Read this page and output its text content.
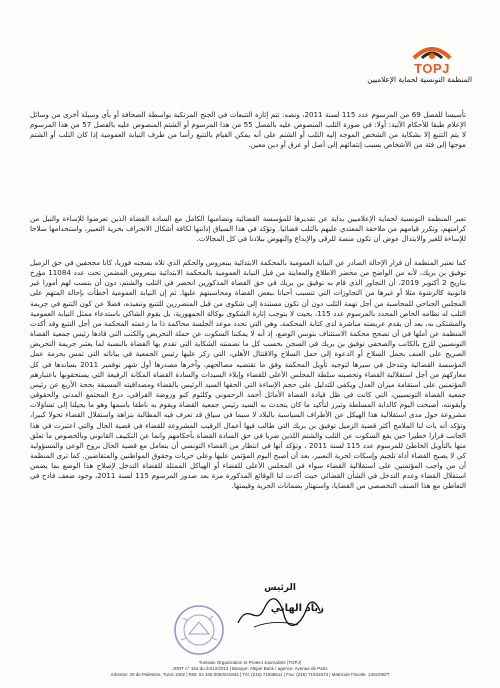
TOPJ
المنظمة التونسية لحماية الإعلاميين
تأسيسا للفصل 69 من المرسوم عدد 115 لسنة 2011، ونصه: تتم إثارة التتبعات في الجنح المرتكبة بواسطة الصحافة أو بأي وسيلة أخرى من وسائل الإعلام طبقا للأحكام الآتية: أولا: في صورة الثلب المنصوص عليه بالفصل 55 من هذا المرسوم أو الشتم المنصوص عليه بالفصل 57 من هذا المرسوم لا يتم التتبع إلا بشكاية من الشخص الموجه إليه الثلب أو الشتم على أنه يمكن القيام بالتتبع رأسا من طرف النيابة العمومية إذا كان الثلب أو الشتم موجها إلى فئة من الأشخاص بسبب إنتمائهم إلى أصل أو عرق أو دين معين.
تعبر المنظمة التونسية لحماية الإعلاميين بداية عن تقديرها للمؤسسة القضائية وتضامنها الكامل مع السادة القضاة الذين تعرضوا للإساءة والنيل من كرامتهم، وتكرر قيامهم من ملاحقة المعتدي عليهم بالثلب قضائيا. وتؤكد في هذا السياق إدانتها لكافة أشكال الانحراف بحرية التعبير، واستخدامها سلاحا للإساءة للغير والابتذال عوض أن تكون منصة للرقي والإبداع والنهوض ببلادنا في كل المجالات.
كما تعتبر المنظمة أن قرار الإحالة الصادر عن النيابة العمومية بالمحكمة الابتدائية ببنعروس والحكم الذي تلاه بسجنه فوريا، كانا مجحفين في حق الزميل توفيق بن بريك، لأنه من الواضح من محضر الاطلاع والمعاينة من قبل النيابة العمومية بالمحكمة الابتدائية ببنعروس المضمن تحت عدد 11084 مؤرخ بتاريخ 2 أكتوبر 2019، أن التجاوز الذي قام به توفيق بن بريك في حق القضاة المذكورين انحصر في الثلب والشتم، دون أن ينسب لهم أمورا غير قانونية كالرشوة مثلا أو غيرها من التجاوزات التي تتسبب أحيانا ببعض القضاة ومحاسبتهم عليها. ثم إن النيابة العمومية أخطأت بإحالة المتهم على المجلس الجناحي للمحاسبة من أجل تهمة الثلب دون أن تكون مستندة إلى شكوى من قبل المتضررين للتتبع وتنفيذه، فضلا عن كون التتبع في جريمة الثلب له نظامه الخاص المحدد بالمرسوم عدد 115، بحيث لا يتوجب إثارة الشكوى بوكالة الجمهورية، بل يقوم الشاكي باستدعاء ممثل النيابة العمومية والمشتكى به، بعد أن يقدم عريضته مباشرة لدى كتابة المحكمة، وهي التي تحدد موعد الجلسة محاكمة ذا ما زعمته المحكمة من أجل التتبع وقد أكدت المنظمة عن أملها في أن تصحح محكمة الاستئناف بتونس الوضع، إذ أنه لا يمكننا السكوت عن حملة التحريض والكتب التي قادها رئيس جمعية القضاة التونسيين للزج بالكاتب والصحفي توفيق بن بريك في السجن بحسب كل ما تضمنته الشكاية التي تقدم بها القضاة بالنسبة لما يعتبر جريمة التحريض الصريح على العنف بحمل السلاح أو الدعوة إلى حمل السلاح والاقتتال الأهلي، التي ركز عليها رئيس الجمعية في بياناته التي تمس بحرمة عمل المؤسسة القضائية وتتدخل في سيرها لتوجيه تأويل المحكمة وفق ما تقتضيه مصالحهم، وآخرها مصدرها أول شهر نوفمبر 2011 بساندها في كل معاركهم من أجل استقلالية القضاء وتحصينه سلطة المجلس الأعلى للقضاء وإبلاء السيدات والسادة القضاة المكانة الرفيعة التي يستحقونها باعتبارهم المؤتمنين على استقامة ميزان العدل ويكفي للتدليل على حجم الإساءة التي الحقها السيد الرئيس بالقضاء ومصداقيته المسبقة بحجة الأربع عن رئيس جمعية القضاة التونسيين، التي كانت في ظل قيادة القضاة الأماثل أحمد الرحموني وكلثوم كنو وروضة القرافي، درع المجتمع المدني والحقوقي وأيقونته، أصبحت اليوم كالدابة المسلطة وتبرز لتأكيد ما كان يتحدث به السيد رئيس جمعية القضاة ويقوم به ناطقا باسمها وهو ما يحيلنا إلى تساؤلات مشروعة حول مدى استقلالية هذا الهيكل عن الأطراف السياسية بالبلاد لا سيما في سياق قد تعرف فيه المطالبة بنزاهة واستقلال القضاء تحولا كبيرا، وتؤكد أنه بات لنا الملامح أكثر قضية الزميل توفيق بن بريك التي طالب فيها أعمال الرقيب المشروعة للقضاء في قضية الحال والتي اعتبرت في هذا الجانب قرارا خطيرا حين يقع السكوت عن الثلب والشتم اللذين ضربا في حق السادة القضاة بأحكامهم وانما عن التكييف القانوني وبالخصوص ما تعلق منها بالتأويل الخاطئ للمرسوم عدد 115 لسنة 2011 ، وتؤكد أنها في انتظار من القضاء التونسي أن يتعامل مع قضية الحال بروح الوعي والمسؤولية كي لا يصبح القضاء أداة تلجيم وإسكات لحرية التعبير، بعد أن أصبح اليوم المؤتمن عليها وعلى حريات وحقوق المواطنين والمتقاضين. كما ترى المنظمة أن من واجب المؤتمنين على استقلالية القضاء سواء في المجلس الأعلى للقضاء أو الهياكل الممثلة للقضاة التدخل لإصلاح هذا الوضع بما يضمن استقلال القضاء وعدم التدخل في الشأن القضائي حيث أكدت لنا الوقائع المذكورة مرة بعد صدور المرسوم 115 لسنة 2011، وجود ضعف فادح في التعاطي مع هذا الصنف التخصصي من القضايا، واستهتار بضمانات الحرية وقيمتها.
الرئيس
زياد الهاني
Tunisian Organization to Protect Journalists (TOPJ)
JORT n° 154 du 24/12/2013 | Banque: Attijari Bank / agence: Avenue de Paris
Adresse: 20 de Palestine, Tunis 1002 | RIB: 04 105 0063241844 | Tél: (216) 71938611 | Fax: (216) 71931673 | Matricule Fiscale: 1402290/T
